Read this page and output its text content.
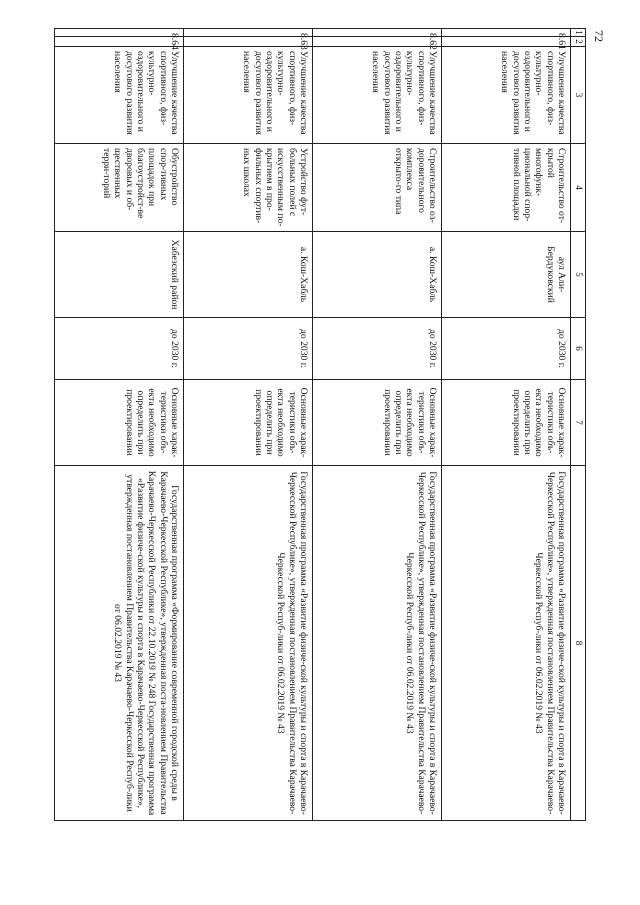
72
1	2	3	4	5	6	7	8
8.61		Улучшение качества спортивного, физ-культурно-оздоровительного и досугового развития населения	Строительство от-крытой многофунк-циональной спор-тивной площадки	аул Али-Бердуковский	до 2030 г.	Основные харак-теристики объ-екта необходимо определить при проектировании	Государственная программа «Развитие физиче-ской культуры и спорта в Карачаево-Черкесской Республике», утвержденная постановлением Правительства Карачаево-Черкесской Респуб-лики от 06.02.2019 № 43
8.62		Улучшение качества спортивного, физ-культурно-оздоровительного и досугового развития населения	Строительство оз-доровительного комплекса открыто-го типа	а. Кош-Хабль	до 2030 г.	Основные харак-теристики объ-екта необходимо определить при проектировании	Государственная программа «Развитие физиче-ской культуры и спорта в Карачаево-Черкесской Республике», утвержденная постановлением Правительства Карачаево-Черкесской Респуб-лики от 06.02.2019 № 43
8.63		Улучшение качества спортивного, физ-культурно-оздоровительного и досугового развития населения	Устройство фут-больных полей с искусственным по-крытием в про-фильных спортив-ных школах	а. Кош-Хабль	до 2030 г.	Основные харак-теристики объ-екта необходимо определить при проектировании	Государственная программа «Развитие физиче-ской культуры и спорта в Карачаево-Черкесской Республике», утвержденная постановлением Правительства Карачаево-Черкесской Респуб-лики от 06.02.2019 № 43
8.64		Улучшение качества спортивного, физ-культурно-оздоровительного и досугового развития населения	Обустройство спор-тивных площадок при благоустройст-ве дворовых и об-щественных терри-торий	Хабезский район	до 2030 г.	Основные харак-теристики объ-екта необходимо определить при проектировании	Государственная программа «Формирование современной городской среды в Карачаево-Черкесской Республике», утвержденная поста-новлением Правительства Карачаево-Черкесской Республики от 22.10.2019 № 248 Государственная программа «Развитие физиче-ской культуры и спорта в Карачаево-Черкесской Республике», утвержденная постановлением Правительства Карачаево-Черкесской Респуб-лики от 06.02.2019 № 43
